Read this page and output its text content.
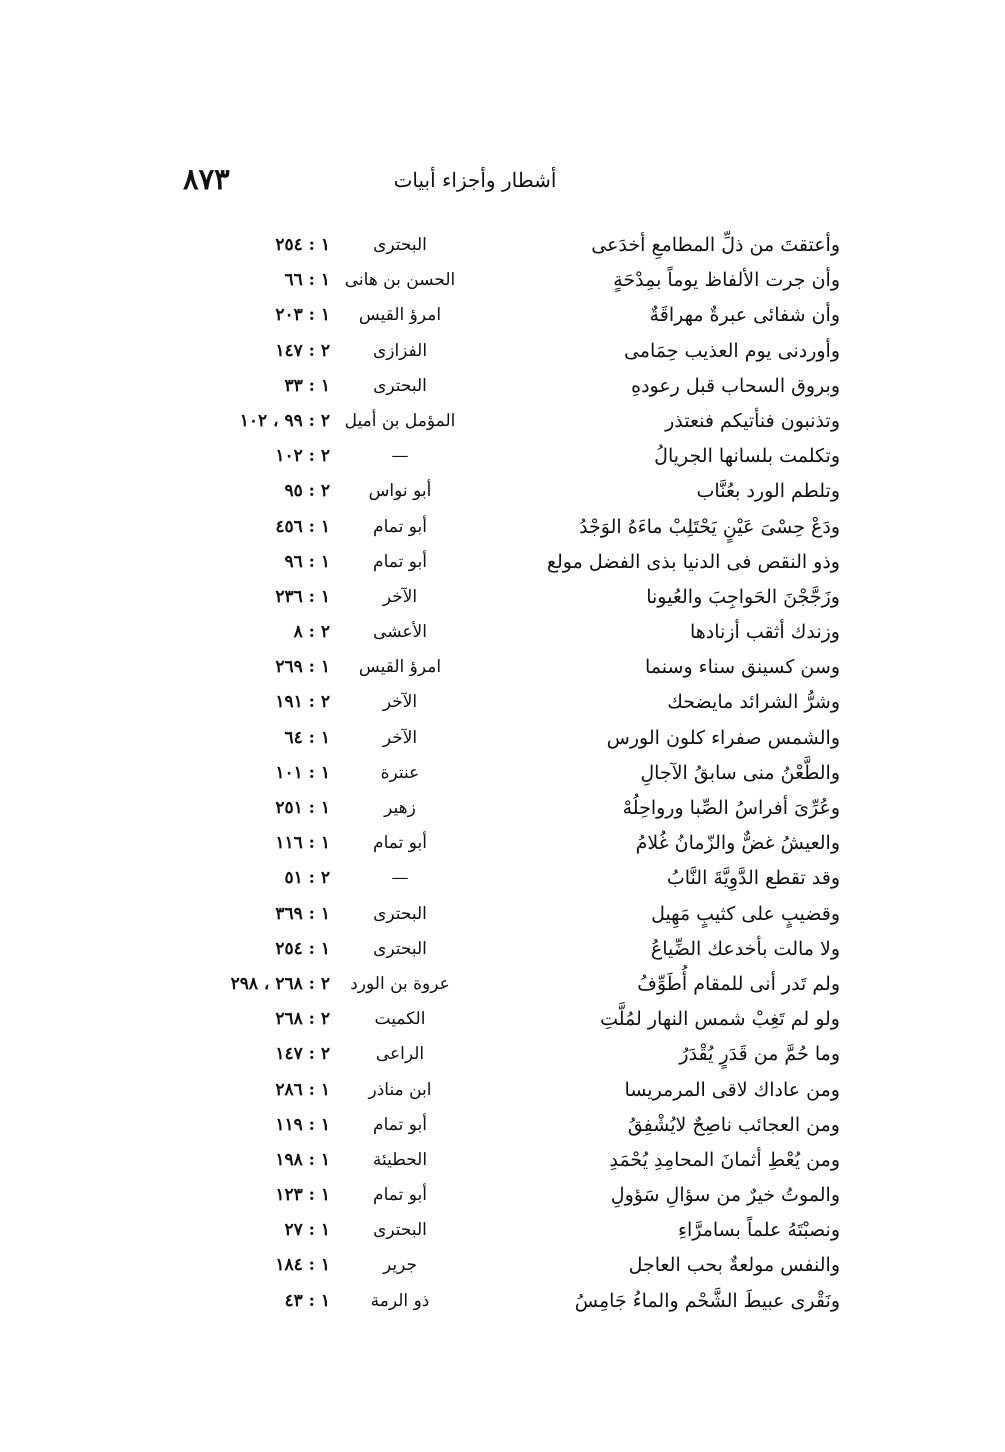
٨٧٣	أشطار وأجزاء أبيات
وأعتقتَ من ذلِّ المطامعِ أخدَعى
البحترى
١ : ٢٥٤
وأن جرت الألفاظ يوماً بمِدْحَةٍ
الحسن بن هانى
١ : ٦٦
وأن شفائى عبرةٌ مهراقَةٌ
امرؤ القيس
١ : ٢٠٣
وأوردنى يوم العذيب حِمَامى
الفزازى
٢ : ١٤٧
وبروق السحاب قبل رعودهِ
البحترى
١ : ٣٣
وتذنبون فنأتيكم فنعتذر
المؤمل بن أميل
٢ : ٩٩ ، ١٠٢
وتكلمت بلسانها الجريالُ
—
٢ : ١٠٢
وتلطم الورد بعُنَّاب
أبو نواس
٢ : ٩٥
ودَعْ حِسْىَ عَيْنٍ يَحْتَلِبْ ماءَهُ الوَجْدُ
أبو تمام
١ : ٤٥٦
وذو النقص فى الدنيا بذى الفضل مولع
أبو تمام
١ : ٩٦
وزَجَّجْنَ الحَواجِبَ والعُيونا
الآخر
١ : ٢٣٦
وزندك أثقب أزنادها
الأعشى
٢ : ٨
وسن كسينق سناء وسنما
امرؤ القيس
١ : ٢٦٩
وشرُّ الشرائد مايضحك
الآخر
٢ : ١٩١
والشمس صفراء كلون الورس
الآخر
١ : ٦٤
والطَّعْنُ منى سابقُ الآجالِ
عنترة
١ : ١٠١
وعُرِّىَ أفراسُ الصِّبا ورواحِلُهْ
زهير
١ : ٢٥١
والعيشُ غضٌّ والزّمانُ غُلامُ
أبو تمام
١ : ١١٦
وقد تقطع الدَّوِيَّةَ النَّابُ
—
٢ : ٥١
وقضيبٍ على كثيبٍ مَهِيل
البحترى
١ : ٣٦٩
ولا مالت بأخدعك الضِّياعُ
البحترى
١ : ٢٥٤
ولم تَدر أنى للمقام أُطَوِّفُ
عروة بن الورد
٢ : ٢٦٨ ، ٢٩٨
ولو لم تَغِبْ شمس النهار لمُلَّتِ
الكميت
٢ : ٢٦٨
وما حُمَّ من قَدَرٍ يُقْدَرُ
الراعى
٢ : ١٤٧
ومن عاداك لاقى المرمريسا
ابن مناذر
١ : ٢٨٦
ومن العجائب ناصِحٌ لايُشْفِقُ
أبو تمام
١ : ١١٩
ومن يُعْطِ أثمانَ المحامِدِ يُحْمَدِ
الحطيئة
١ : ١٩٨
والموتُ خيرٌ من سؤالِ سَؤولِ
أبو تمام
١ : ١٢٣
ونصبْتَهُ علماً بسامرَّاءِ
البحترى
١ : ٢٧
والنفس مولعةٌ بحب العاجل
جرير
١ : ١٨٤
ونَقْرى عبيطَ الشَّحْم والماءُ جَامِسُ
ذو الرمة
١ : ٤٣
